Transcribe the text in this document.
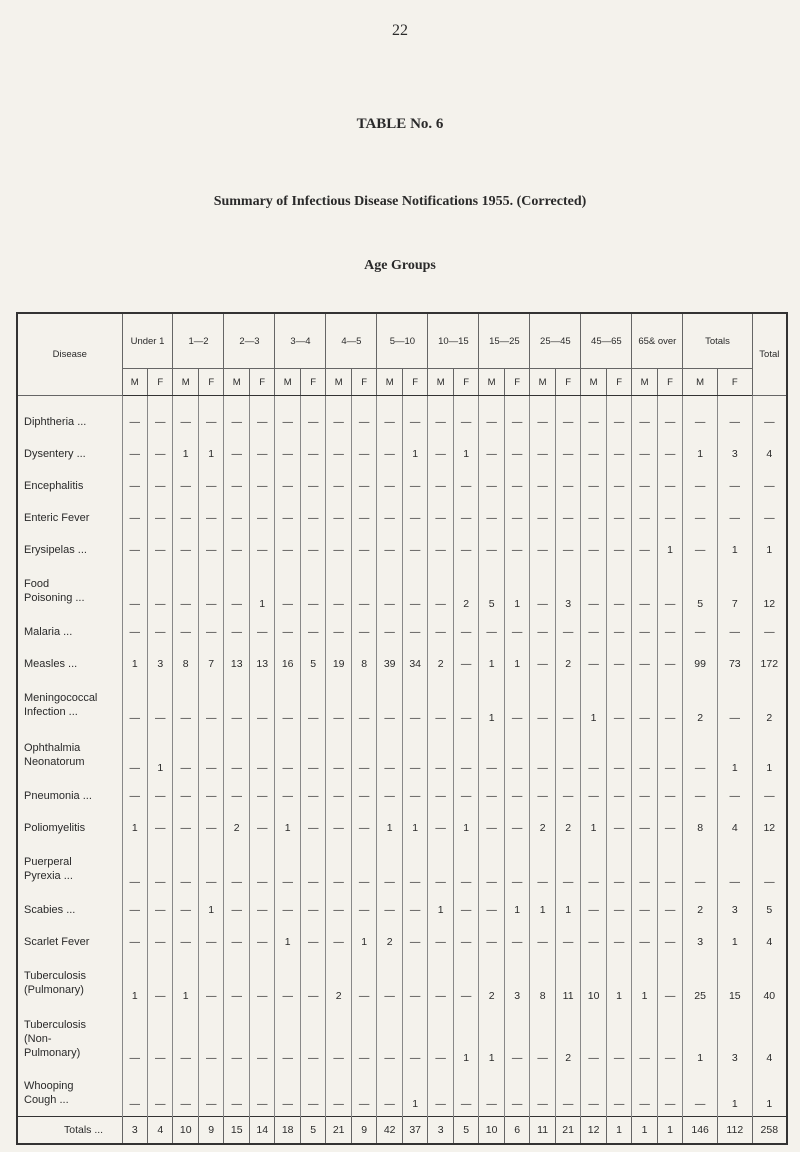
22
TABLE No. 6
Summary of Infectious Disease Notifications 1955. (Corrected)
Age Groups
Disease	Under 1		1—2		2—3		3—4		4—5		5—10		10—15		15—25		25—45		45—65		65& over		Totals		Total
	M	F	M	F	M	F	M	F	M	F	M	F	M	F	M	F	M	F	M	F	M	F	M	F	

Diphtheria ...	—	—	—	—	—	—	—	—	—	—	—	—	—	—	—	—	—	—	—	—	—	—	—	—	—
Dysentery ...	—	—	1	1	—	—	—	—	—	—	—	1	—	1	—	—	—	—	—	—	—	—	1	3	4
Encephalitis	—	—	—	—	—	—	—	—	—	—	—	—	—	—	—	—	—	—	—	—	—	—	—	—	—
Enteric Fever	—	—	—	—	—	—	—	—	—	—	—	—	—	—	—	—	—	—	—	—	—	—	—	—	—
Erysipelas ...	—	—	—	—	—	—	—	—	—	—	—	—	—	—	—	—	—	—	—	—	—	1	—	1	1
Food
Poisoning ...	—	—	—	—	—	1	—	—	—	—	—	—	—	2	5	1	—	3	—	—	—	—	5	7	12
Malaria ...	—	—	—	—	—	—	—	—	—	—	—	—	—	—	—	—	—	—	—	—	—	—	—	—	—
Measles ...	1	3	8	7	13	13	16	5	19	8	39	34	2	—	1	1	—	2	—	—	—	—	99	73	172
Meningococcal
Infection ...	—	—	—	—	—	—	—	—	—	—	—	—	—	—	1	—	—	—	1	—	—	—	2	—	2
Ophthalmia
Neonatorum	—	1	—	—	—	—	—	—	—	—	—	—	—	—	—	—	—	—	—	—	—	—	—	1	1
Pneumonia ...	—	—	—	—	—	—	—	—	—	—	—	—	—	—	—	—	—	—	—	—	—	—	—	—	—
Poliomyelitis	1	—	—	—	2	—	1	—	—	—	1	1	—	1	—	—	2	2	1	—	—	—	8	4	12
Puerperal
Pyrexia ...	—	—	—	—	—	—	—	—	—	—	—	—	—	—	—	—	—	—	—	—	—	—	—	—	—
Scabies ...	—	—	—	1	—	—	—	—	—	—	—	—	1	—	—	1	1	1	—	—	—	—	2	3	5
Scarlet Fever	—	—	—	—	—	—	1	—	—	1	2	—	—	—	—	—	—	—	—	—	—	—	3	1	4
Tuberculosis
(Pulmonary)	1	—	1	—	—	—	—	—	2	—	—	—	—	—	2	3	8	11	10	1	1	—	25	15	40
Tuberculosis
(Non-
Pulmonary)	—	—	—	—	—	—	—	—	—	—	—	—	—	1	1	—	—	2	—	—	—	—	1	3	4
Whooping
Cough ...	—	—	—	—	—	—	—	—	—	—	—	1	—	—	—	—	—	—	—	—	—	—	—	1	1
Totals ...	3	4	10	9	15	14	18	5	21	9	42	37	3	5	10	6	11	21	12	1	1	1	146	112	258
